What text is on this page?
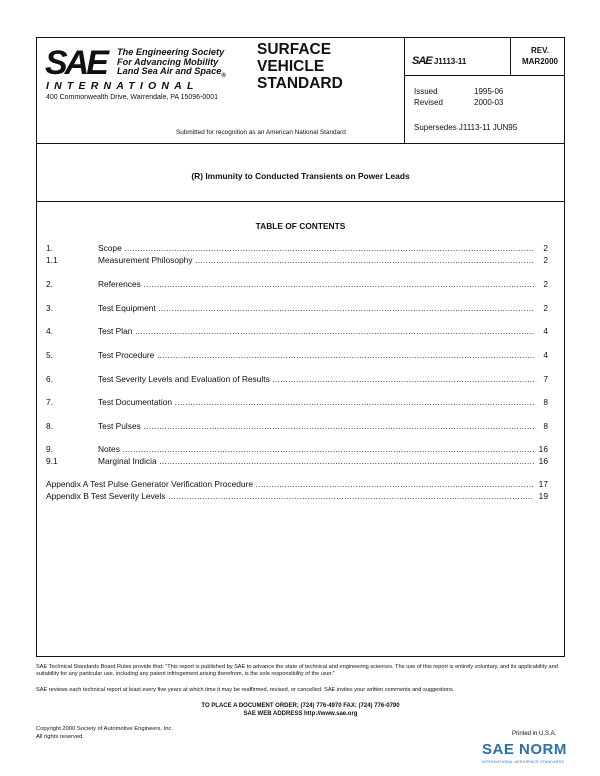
SAE The Engineering Society
For Advancing Mobility
Land Sea Air and Space$_®$
INTERNATIONAL
400 Commonwealth Drive, Warrendale, PA 15096-0001
SURFACE
VEHICLE
STANDARD
Submitted for recognition as an American National Standard
SAE J1113-11
REV.
MAR2000
Issued	1995-06
Revised	2000-03
Supersedes J1113-11 JUN95
(R) Immunity to Conducted Transients on Power Leads
TABLE OF CONTENTS
1.	Scope .....	2
1.1	Measurement Philosophy .....	2
2.	References .....	2
3.	Test Equipment .....	2
4.	Test Plan .....	4
5.	Test Procedure .....	4
6.	Test Severity Levels and Evaluation of Results .....	7
7.	Test Documentation .....	8
8.	Test Pulses .....	8
9.	Notes .....	16
9.1	Marginal Indicia .....	16
Appendix A Test Pulse Generator Verification Procedure .....	17
Appendix B Test Severity Levels .....	19
SAE Technical Standards Board Rules provide that: "This report is published by SAE to advance the state of technical and engineering sciences. The use of this report is entirely voluntary, and its applicability and suitability for any particular use, including any patent infringement arising therefrom, is the sole responsibility of the user."
SAE reviews each technical report at least every five years at which time it may be reaffirmed, revised, or cancelled. SAE invites your written comments and suggestions.
TO PLACE A DOCUMENT ORDER; (724) 776-4970 FAX: (724) 776-0790
SAE WEB ADDRESS http://www.sae.org
Copyright 2000 Society of Automotive Engineers, Inc.
All rights reserved.	Printed in U.S.A.
SAE NORM
INTERNATIONAL AEROSPACE STANDARDS
